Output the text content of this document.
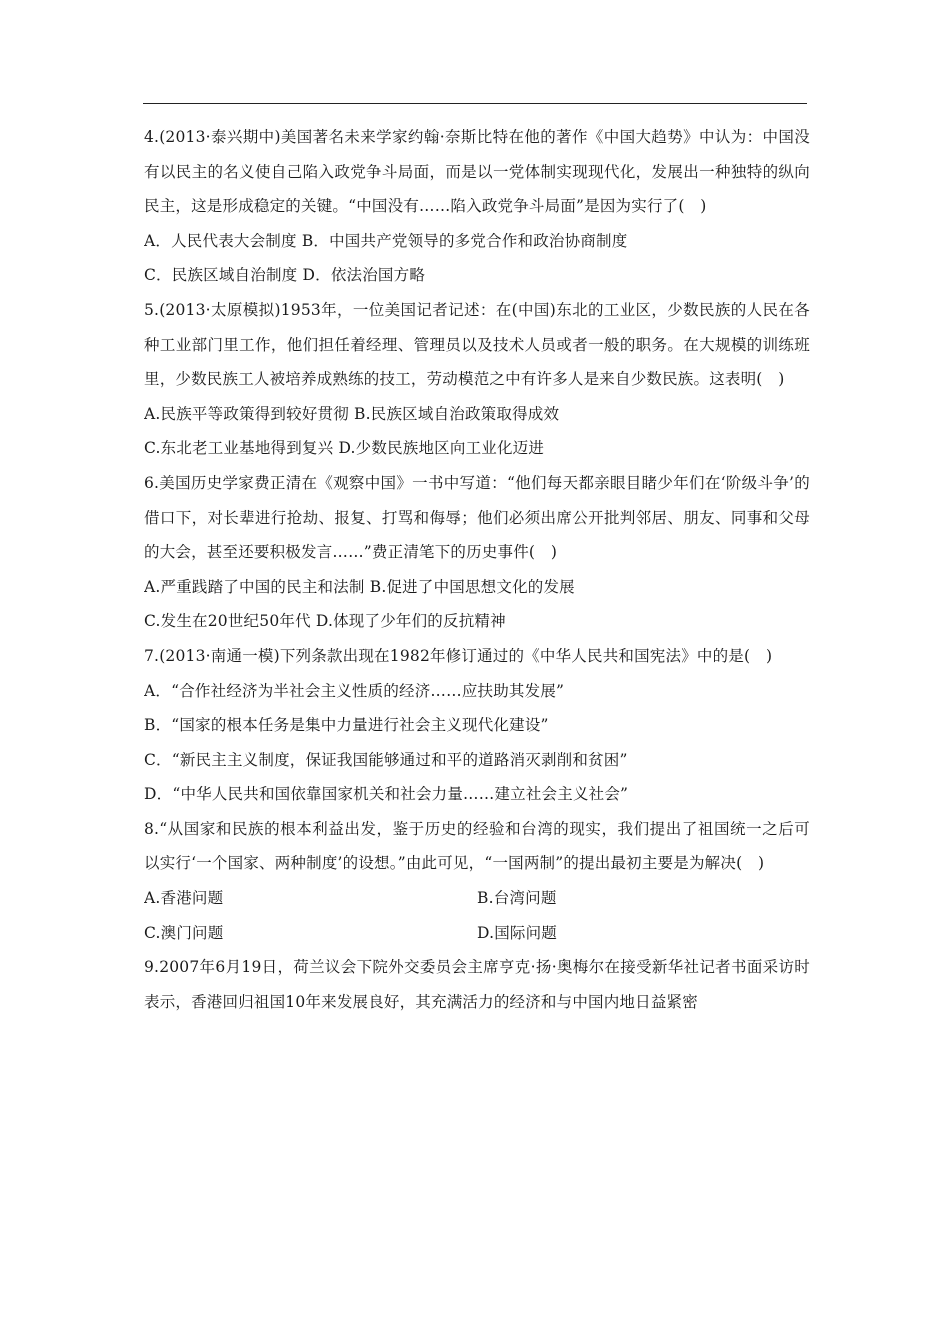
4.(2013·泰兴期中)美国著名未来学家约翰·奈斯比特在他的著作《中国大趋势》中认为：中国没有以民主的名义使自己陷入政党争斗局面，而是以一党体制实现现代化，发展出一种独特的纵向民主，这是形成稳定的关键。“中国没有……陷入政党争斗局面”是因为实行了(　)
A．人民代表大会制度 B．中国共产党领导的多党合作和政治协商制度
C．民族区域自治制度 D．依法治国方略
5.(2013·太原模拟)1953年，一位美国记者记述：在(中国)东北的工业区，少数民族的人民在各种工业部门里工作，他们担任着经理、管理员以及技术人员或者一般的职务。在大规模的训练班里，少数民族工人被培养成熟练的技工，劳动模范之中有许多人是来自少数民族。这表明(　)
A.民族平等政策得到较好贯彻 B.民族区域自治政策取得成效
C.东北老工业基地得到复兴 D.少数民族地区向工业化迈进
6.美国历史学家费正清在《观察中国》一书中写道：“他们每天都亲眼目睹少年们在‘阶级斗争’的借口下，对长辈进行抢劫、报复、打骂和侮辱；他们必须出席公开批判邻居、朋友、同事和父母的大会，甚至还要积极发言……”费正清笔下的历史事件(　)
A.严重践踏了中国的民主和法制 B.促进了中国思想文化的发展
C.发生在20世纪50年代 D.体现了少年们的反抗精神
7.(2013·南通一模)下列条款出现在1982年修订通过的《中华人民共和国宪法》中的是(　)
A．“合作社经济为半社会主义性质的经济……应扶助其发展”
B．“国家的根本任务是集中力量进行社会主义现代化建设”
C．“新民主主义制度，保证我国能够通过和平的道路消灭剥削和贫困”
D．“中华人民共和国依靠国家机关和社会力量……建立社会主义社会”
8.“从国家和民族的根本利益出发，鉴于历史的经验和台湾的现实，我们提出了祖国统一之后可以实行‘一个国家、两种制度’的设想。”由此可见，“一国两制”的提出最初主要是为解决(　)
A.香港问题	B.台湾问题
C.澳门问题	D.国际问题
9.2007年6月19日，荷兰议会下院外交委员会主席亨克·扬·奥梅尔在接受新华社记者书面采访时表示，香港回归祖国10年来发展良好，其充满活力的经济和与中国内地日益紧密
